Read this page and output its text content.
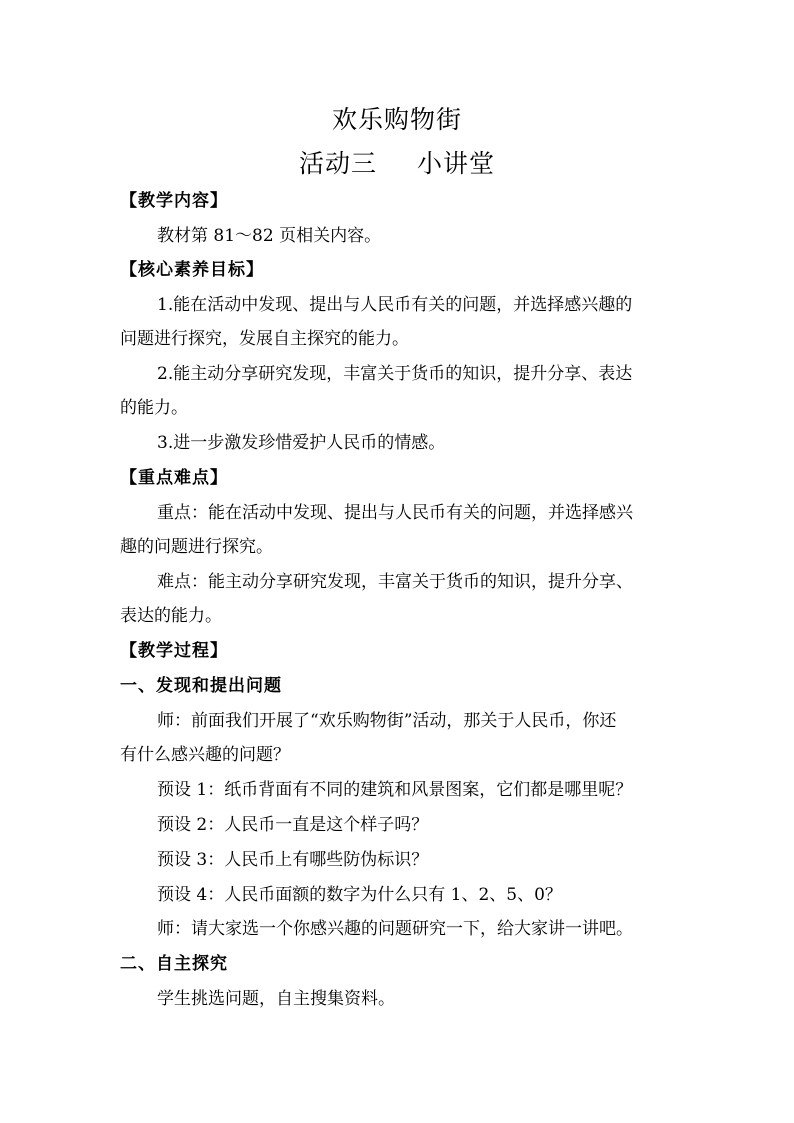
欢乐购物街
活动三 小讲堂
【教学内容】
教材第 81～82 页相关内容。
【核心素养目标】
1.能在活动中发现、提出与人民币有关的问题，并选择感兴趣的
问题进行探究，发展自主探究的能力。
2.能主动分享研究发现，丰富关于货币的知识，提升分享、表达
的能力。
3.进一步激发珍惜爱护人民币的情感。
【重点难点】
重点：能在活动中发现、提出与人民币有关的问题，并选择感兴
趣的问题进行探究。
难点：能主动分享研究发现，丰富关于货币的知识，提升分享、
表达的能力。
【教学过程】
一、发现和提出问题
师：前面我们开展了“欢乐购物街”活动，那关于人民币，你还
有什么感兴趣的问题？
预设 1：纸币背面有不同的建筑和风景图案，它们都是哪里呢？
预设 2：人民币一直是这个样子吗？
预设 3：人民币上有哪些防伪标识？
预设 4：人民币面额的数字为什么只有 1、2、5、0？
师：请大家选一个你感兴趣的问题研究一下，给大家讲一讲吧。
二、自主探究
学生挑选问题，自主搜集资料。
